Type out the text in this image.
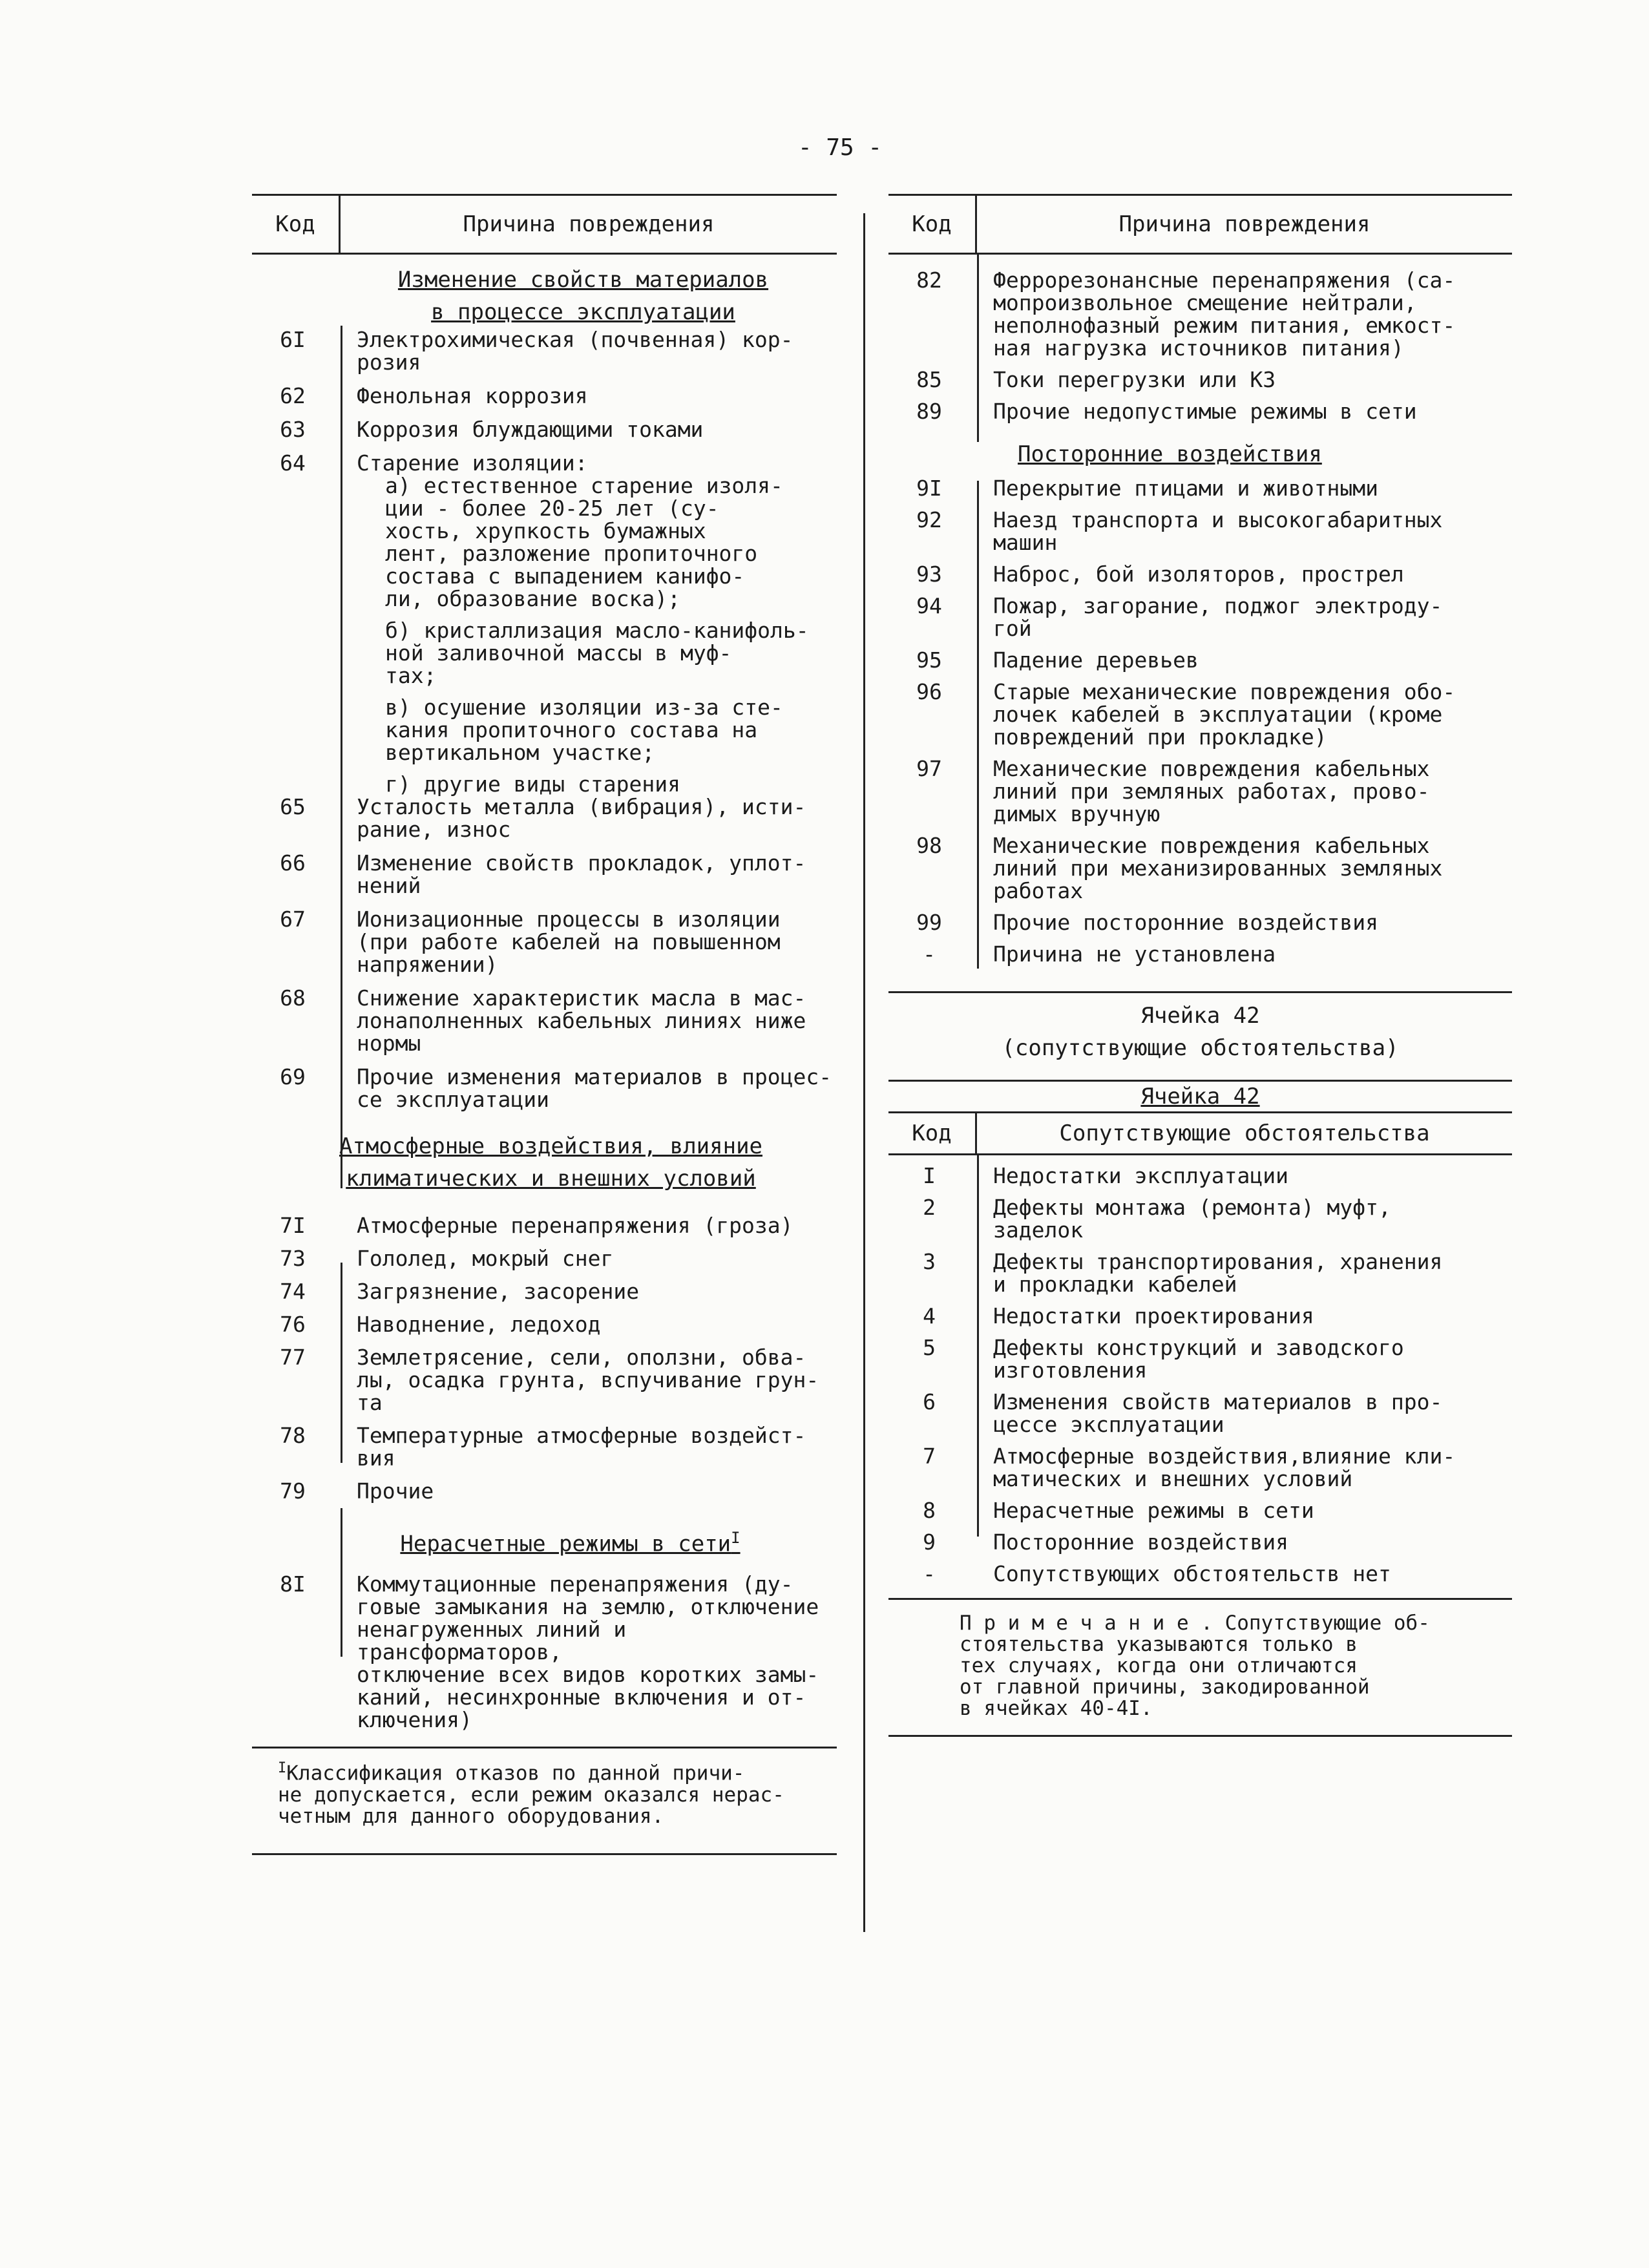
- 75 -
Код	Причина повреждения
Изменение свойств материалов
в процессе эксплуатации
6I	Электрохимическая (почвенная) кор-
розия
62	Фенольная коррозия
63	Коррозия блуждающими токами
64	Старение изоляции:
а) естественное старение изоля-
ции - более 20-25 лет (су-
хость, хрупкость бумажных
лент, разложение пропиточного
состава с выпадением канифо-
ли, образование воска);
б) кристаллизация масло-канифоль-
ной заливочной массы в муф-
тах;
в) осушение изоляции из-за сте-
кания пропиточного состава на
вертикальном участке;
г) другие виды старения
65	Усталость металла (вибрация), исти-
рание, износ
66	Изменение свойств прокладок, уплот-
нений
67	Ионизационные процессы в изоляции
(при работе кабелей на повышенном
напряжении)
68	Снижение характеристик масла в мас-
лонаполненных кабельных линиях ниже
нормы
69	Прочие изменения материалов в процес-
се эксплуатации
Атмосферные воздействия, влияние
климатических и внешних условий
7I	Атмосферные перенапряжения (гроза)
73	Гололед, мокрый снег
74	Загрязнение, засорение
76	Наводнение, ледоход
77	Землетрясение, сели, оползни, обва-
лы, осадка грунта, вспучивание грун-
та
78	Температурные атмосферные воздейст-
вия
79	Прочие
Нерасчетные режимы в сети$^I$
8I	Коммутационные перенапряжения (ду-
говые замыкания на землю, отключение
ненагруженных линий и трансформаторов,
отключение всех видов коротких замы-
каний, несинхронные включения и от-
ключения)
$^I$Классификация отказов по данной причи-
не допускается, если режим оказался нерас-
четным для данного оборудования.
Код	Причина повреждения
82	Феррорезонансные перенапряжения (са-
мопроизвольное смещение нейтрали,
неполнофазный режим питания, емкост-
ная нагрузка источников питания)
85	Токи перегрузки или КЗ
89	Прочие недопустимые режимы в сети
Посторонние воздействия
9I	Перекрытие птицами и животными
92	Наезд транспорта и высокогабаритных
машин
93	Наброс, бой изоляторов, прострел
94	Пожар, загорание, поджог электроду-
гой
95	Падение деревьев
96	Старые механические повреждения обо-
лочек кабелей в эксплуатации (кроме
повреждений при прокладке)
97	Механические повреждения кабельных
линий при земляных работах, прово-
димых вручную
98	Механические повреждения кабельных
линий при механизированных земляных
работах
99	Прочие посторонние воздействия
-	Причина не установлена
Ячейка 42
(сопутствующие обстоятельства)
Ячейка 42
Код	Сопутствующие обстоятельства
I	Недостатки эксплуатации
2	Дефекты монтажа (ремонта) муфт,
заделок
3	Дефекты транспортирования, хранения
и прокладки кабелей
4	Недостатки проектирования
5	Дефекты конструкций и заводского
изготовления
6	Изменения свойств материалов в про-
цессе эксплуатации
7	Атмосферные воздействия,влияние кли-
матических и внешних условий
8	Нерасчетные режимы в сети
9	Посторонние воздействия
-	Сопутствующих обстоятельств нет
П р и м е ч а н и е . Сопутствующие об-
стоятельства указываются только в
тех случаях, когда они отличаются
от главной причины, закодированной
в ячейках 40-4I.
